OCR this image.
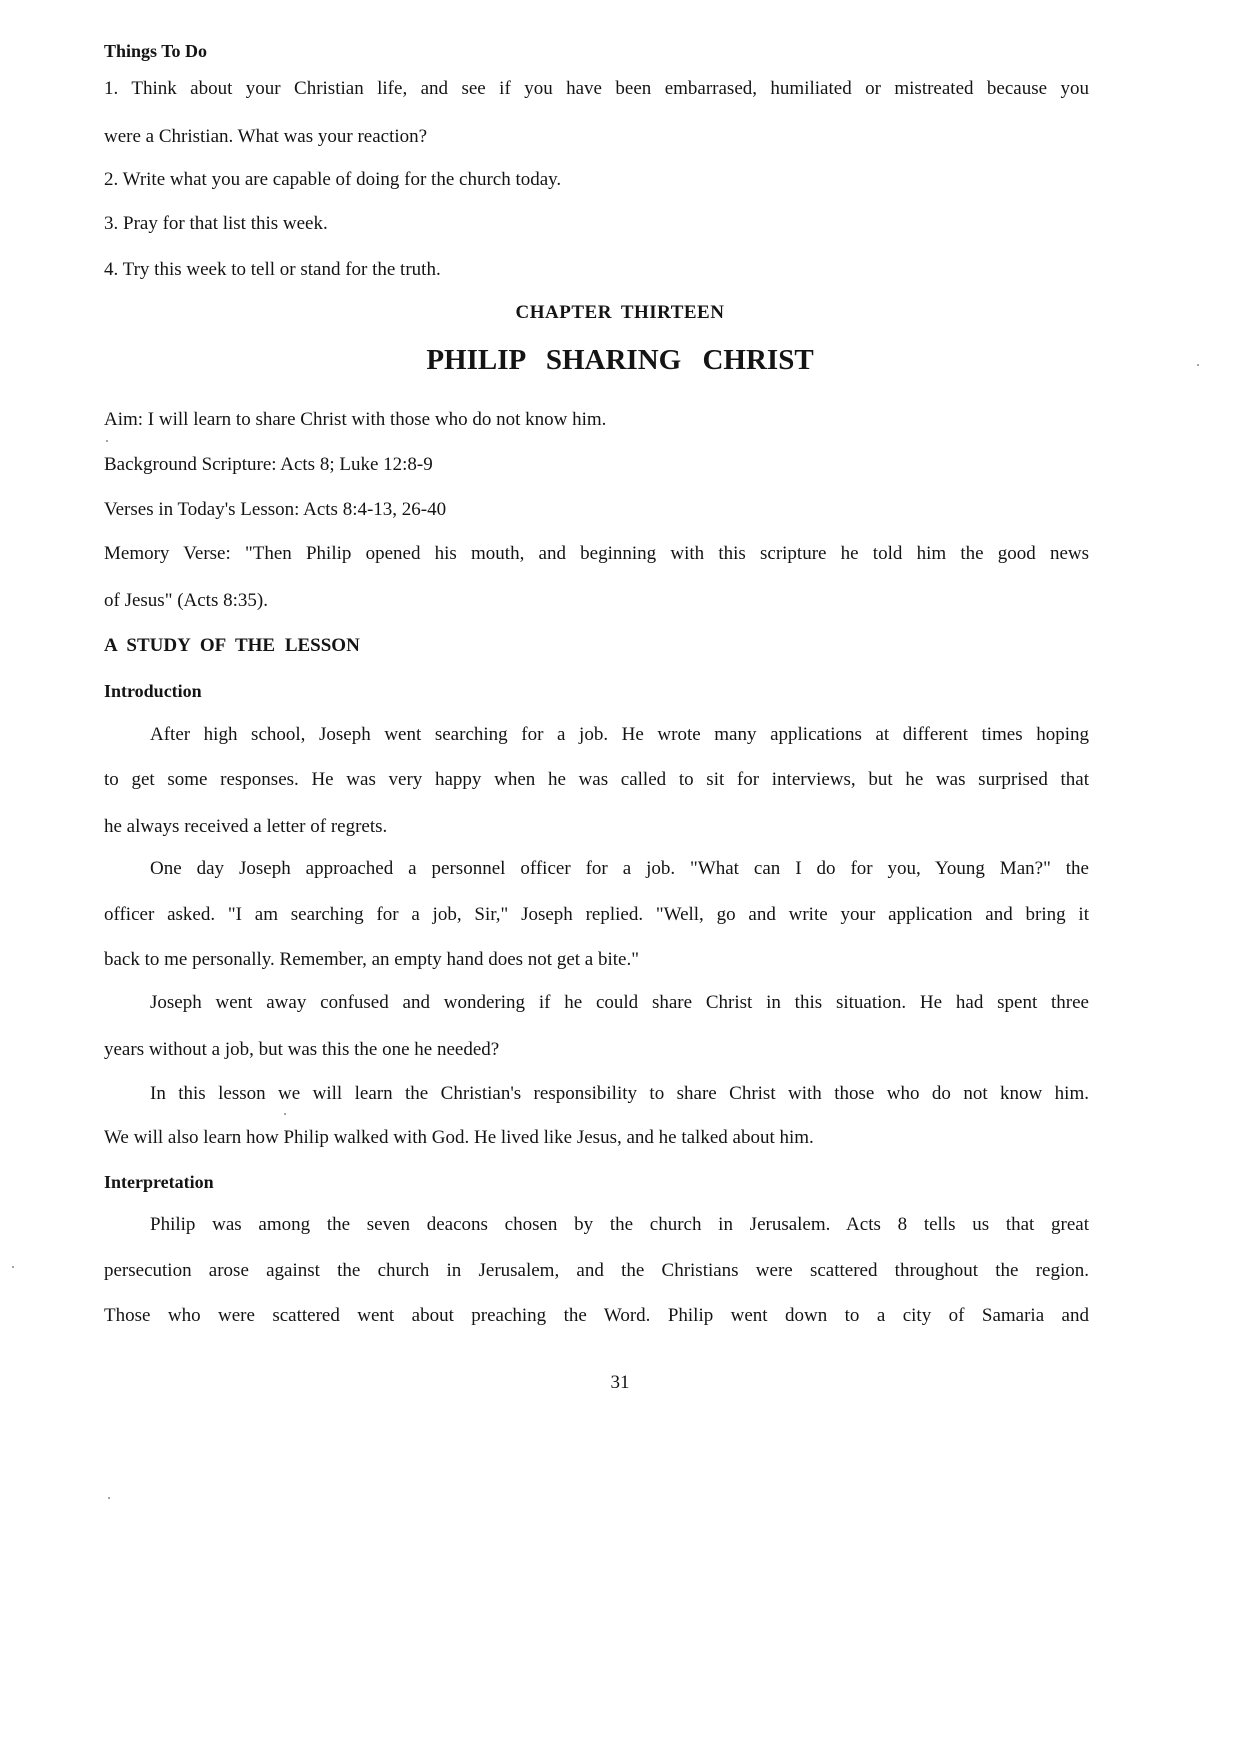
Things To Do
1. Think about your Christian life, and see if you have been embarrased, humiliated or mistreated because you
were a Christian. What was your reaction?
2. Write what you are capable of doing for the church today.
3. Pray for that list this week.
4. Try this week to tell or stand for the truth.
CHAPTER THIRTEEN
PHILIP SHARING CHRIST
Aim: I will learn to share Christ with those who do not know him.
Background Scripture: Acts 8; Luke 12:8-9
Verses in Today's Lesson: Acts 8:4-13, 26-40
Memory Verse: "Then Philip opened his mouth, and beginning with this scripture he told him the good news
of Jesus" (Acts 8:35).
A STUDY OF THE LESSON
Introduction
After high school, Joseph went searching for a job. He wrote many applications at different times hoping
to get some responses. He was very happy when he was called to sit for interviews, but he was surprised that
he always received a letter of regrets.
One day Joseph approached a personnel officer for a job. "What can I do for you, Young Man?" the
officer asked. "I am searching for a job, Sir," Joseph replied. "Well, go and write your application and bring it
back to me personally. Remember, an empty hand does not get a bite."
Joseph went away confused and wondering if he could share Christ in this situation. He had spent three
years without a job, but was this the one he needed?
In this lesson we will learn the Christian's responsibility to share Christ with those who do not know him.
We will also learn how Philip walked with God. He lived like Jesus, and he talked about him.
Interpretation
Philip was among the seven deacons chosen by the church in Jerusalem. Acts 8 tells us that great
persecution arose against the church in Jerusalem, and the Christians were scattered throughout the region.
Those who were scattered went about preaching the Word. Philip went down to a city of Samaria and
31
